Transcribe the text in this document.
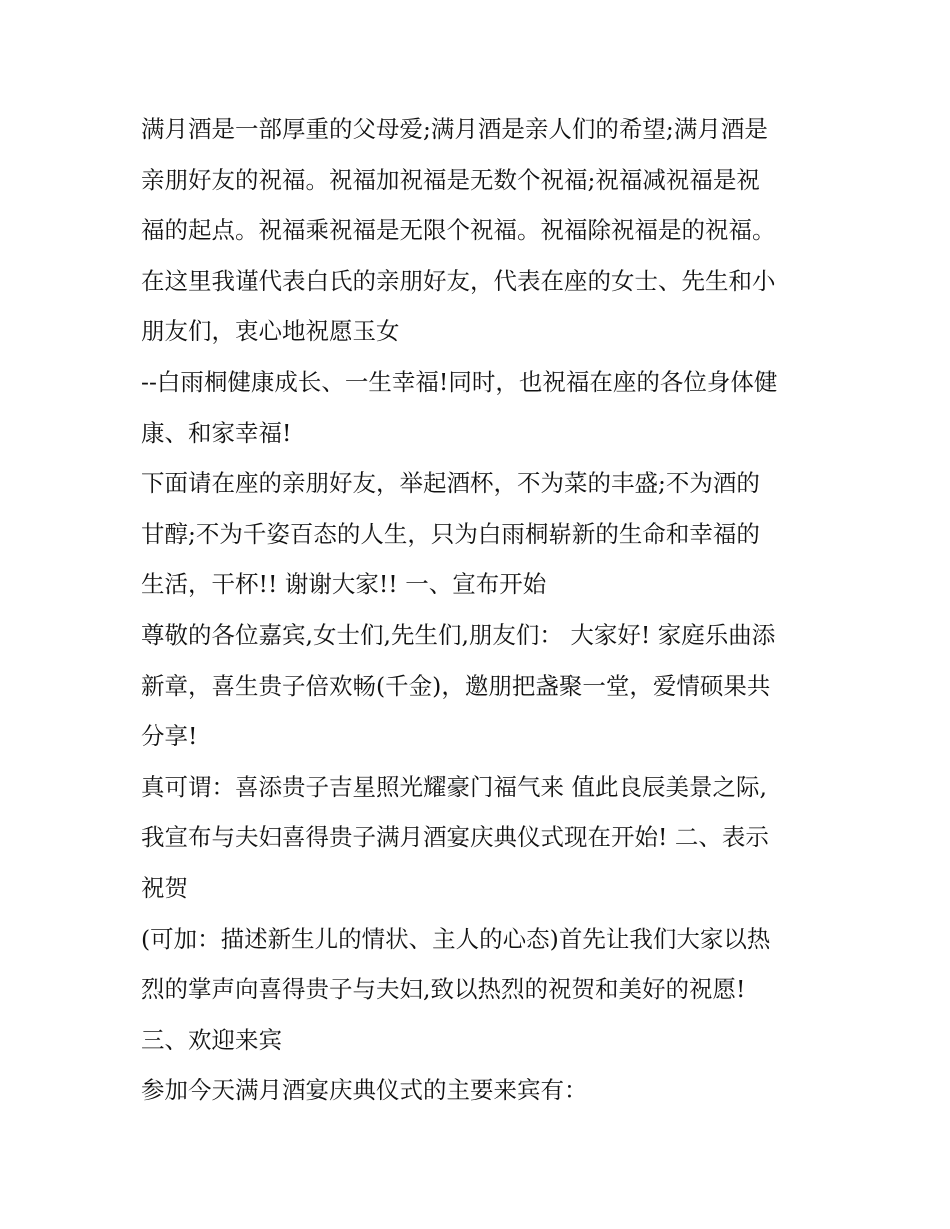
满月酒是一部厚重的父母爱;满月酒是亲人们的希望;满月酒是
亲朋好友的祝福。祝福加祝福是无数个祝福;祝福减祝福是祝
福的起点。祝福乘祝福是无限个祝福。祝福除祝福是的祝福。
在这里我谨代表白氏的亲朋好友，代表在座的女士、先生和小
朋友们，衷心地祝愿玉女
--白雨桐健康成长、一生幸福!同时，也祝福在座的各位身体健
康、和家幸福!
下面请在座的亲朋好友，举起酒杯，不为菜的丰盛;不为酒的
甘醇;不为千姿百态的人生，只为白雨桐崭新的生命和幸福的
生活，干杯!! 谢谢大家!! 一、宣布开始
尊敬的各位嘉宾,女士们,先生们,朋友们： 大家好! 家庭乐曲添
新章，喜生贵子倍欢畅(千金)，邀朋把盏聚一堂，爱情硕果共
分享!
真可谓：喜添贵子吉星照光耀豪门福气来 值此良辰美景之际,
我宣布与夫妇喜得贵子满月酒宴庆典仪式现在开始! 二、表示
祝贺
(可加：描述新生儿的情状、主人的心态)首先让我们大家以热
烈的掌声向喜得贵子与夫妇,致以热烈的祝贺和美好的祝愿!
三、欢迎来宾
参加今天满月酒宴庆典仪式的主要来宾有：
